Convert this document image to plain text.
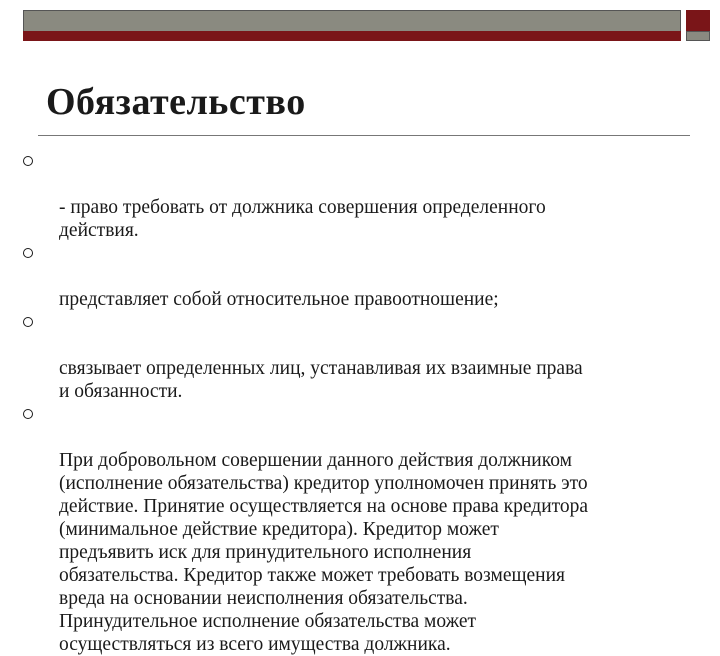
Обязательство

- право требовать от должника совершения определенного
действия.

представляет собой относительное правоотношение;

связывает определенных лиц, устанавливая их взаимные права
и обязанности.

При добровольном совершении данного действия должником
(исполнение обязательства) кредитор уполномочен принять это
действие. Принятие осуществляется на основе права кредитора
(минимальное действие кредитора). Кредитор может
предъявить иск для принудительного исполнения
обязательства. Кредитор также может требовать возмещения
вреда на основании неисполнения обязательства.
Принудительное исполнение обязательства может
осуществляться из всего имущества должника.
